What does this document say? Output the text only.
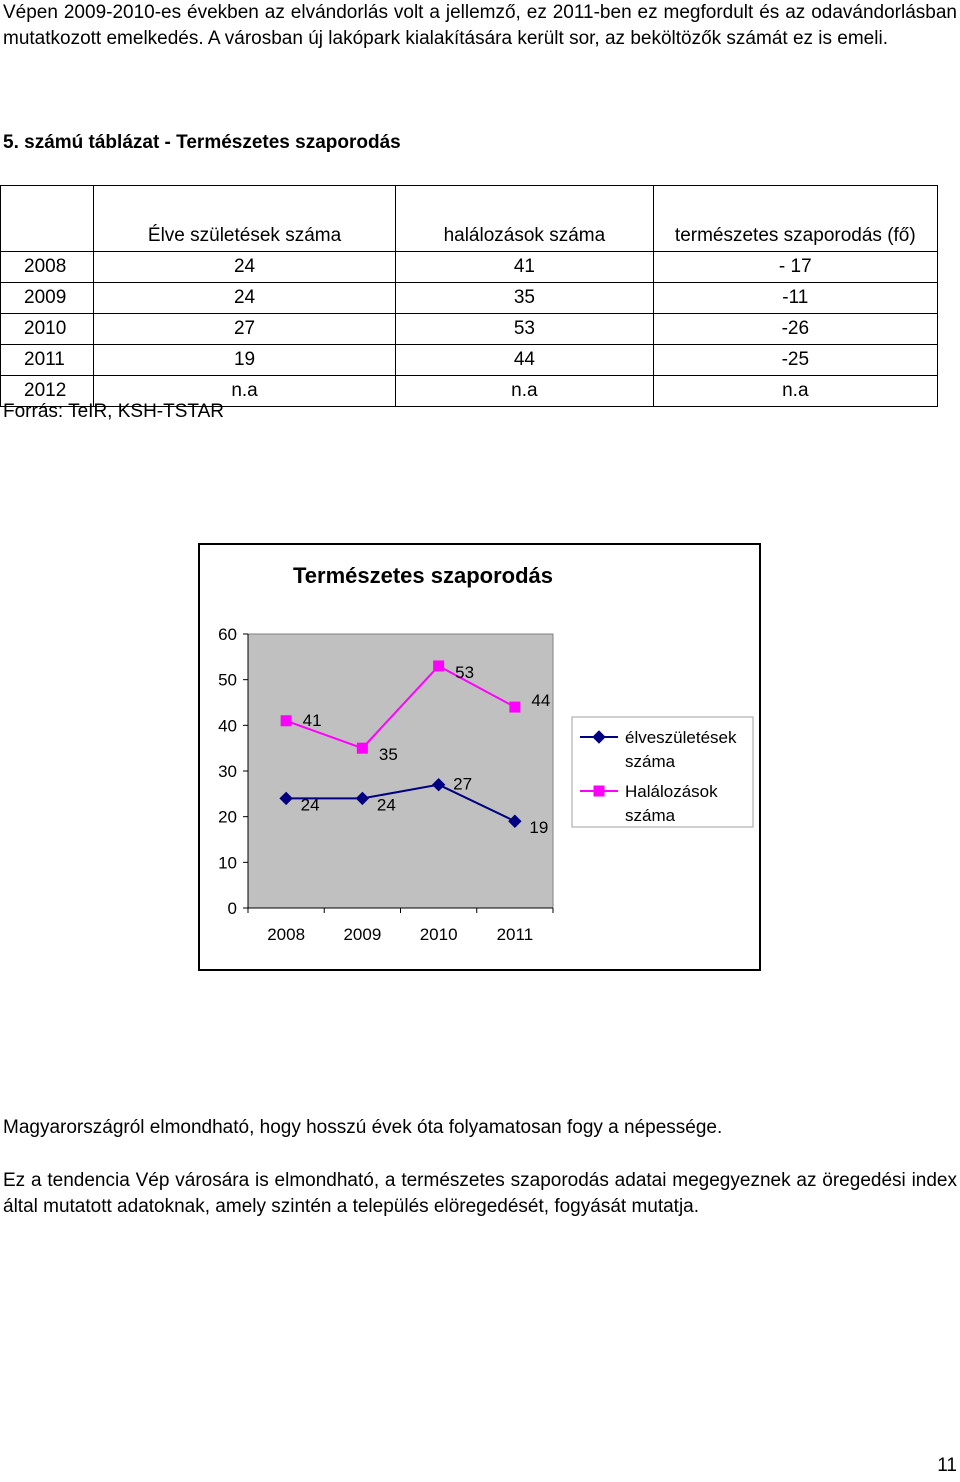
Vépen 2009-2010-es években az elvándorlás volt a jellemző, ez 2011-ben ez megfordult és az odavándorlásban mutatkozott emelkedés. A városban új lakópark kialakítására került sor, az beköltözők számát ez is emeli.
5. számú táblázat - Természetes szaporodás
	Élve születések száma	halálozások száma	természetes szaporodás (fő)
2008	24	41	- 17
2009	24	35	-11
2010	27	53	-26
2011	19	44	-25
2012	n.a	n.a	n.a
Forrás: TeIR, KSH-TSTAR
Természetes szaporodás
0
10
20
30
40
50
60
2008 2009 2010 2011
24	24
27
19
41
35
53
44
élveszületések
száma
Halálozások
száma
Magyarországról elmondható, hogy hosszú évek óta folyamatosan fogy a népessége.
Ez a tendencia Vép városára is elmondható, a természetes szaporodás adatai megegyeznek az öregedési index által mutatott adatoknak, amely szintén a település elöregedését, fogyását mutatja.
11
